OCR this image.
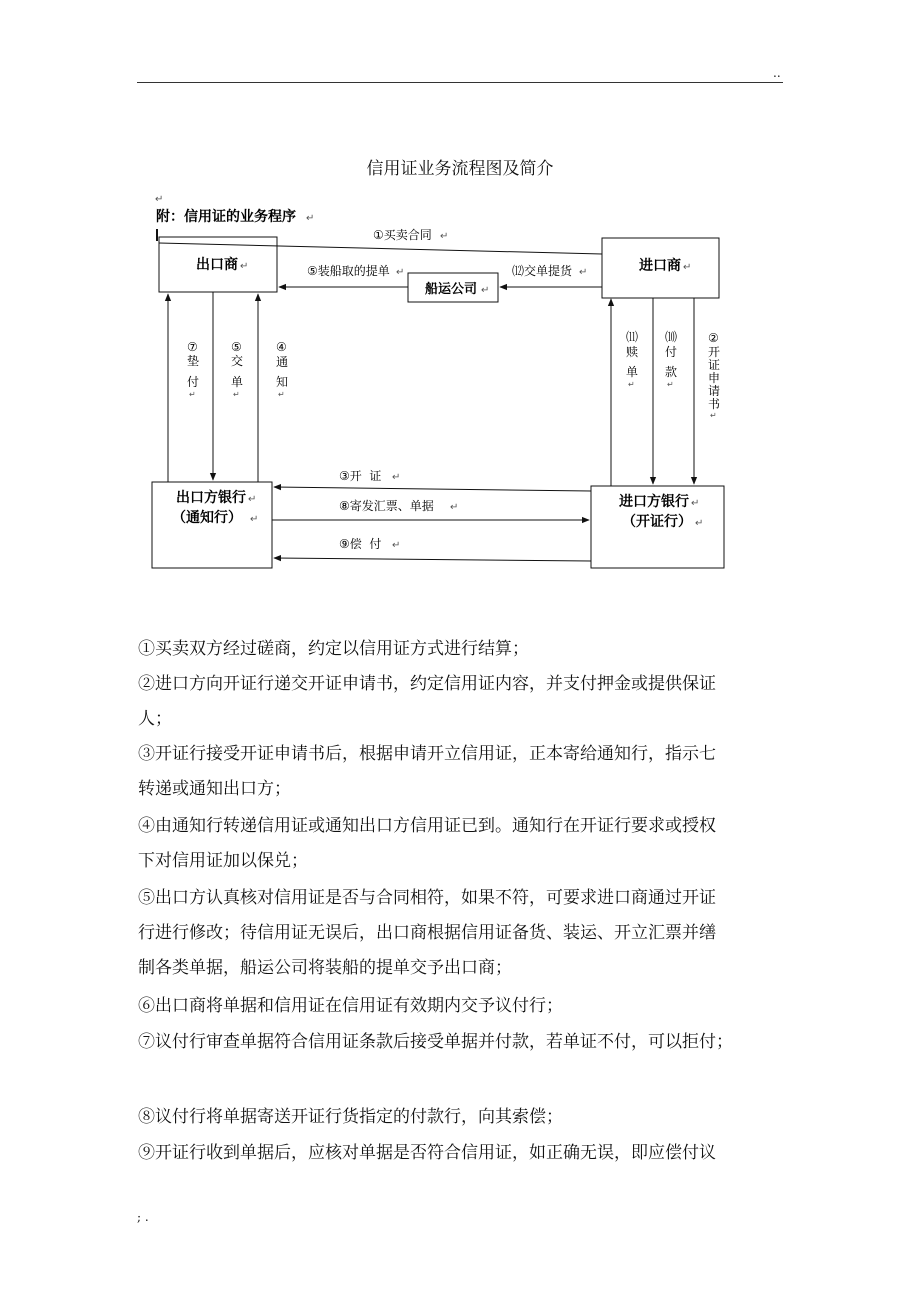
..
信用证业务流程图及简介
附：信用证的业务程序 ↵
↵
出口商 ↵	进口商 ↵
船运公司 ↵
出口方银行 ↵
（通知行） ↵
进口方银行 ↵
（开证行） ↵
①买卖合同 ↵
⑤装船取的提单 ↵	⑿交单提货 ↵
⑦
垫
付
↵
⑤
交
单
↵
④
通
知
↵
⑾
赎
单
↵
⑽
付
款
↵
②
开
证
申
请
书
↵
③开  证 ↵
⑧寄发汇票、单据 ↵
⑨偿  付 ↵

①买卖双方经过磋商，约定以信用证方式进行结算；

②进口方向开证行递交开证申请书，约定信用证内容，并支付押金或提供保证
人；

③开证行接受开证申请书后，根据申请开立信用证，正本寄给通知行，指示七
转递或通知出口方；

④由通知行转递信用证或通知出口方信用证已到。通知行在开证行要求或授权
下对信用证加以保兑；

⑤出口方认真核对信用证是否与合同相符，如果不符，可要求进口商通过开证
行进行修改；待信用证无误后，出口商根据信用证备货、装运、开立汇票并缮
制各类单据，船运公司将装船的提单交予出口商；

⑥出口商将单据和信用证在信用证有效期内交予议付行；

⑦议付行审查单据符合信用证条款后接受单据并付款，若单证不付，可以拒付；

⑧议付行将单据寄送开证行货指定的付款行，向其索偿；

⑨开证行收到单据后，应核对单据是否符合信用证，如正确无误，即应偿付议

; .
